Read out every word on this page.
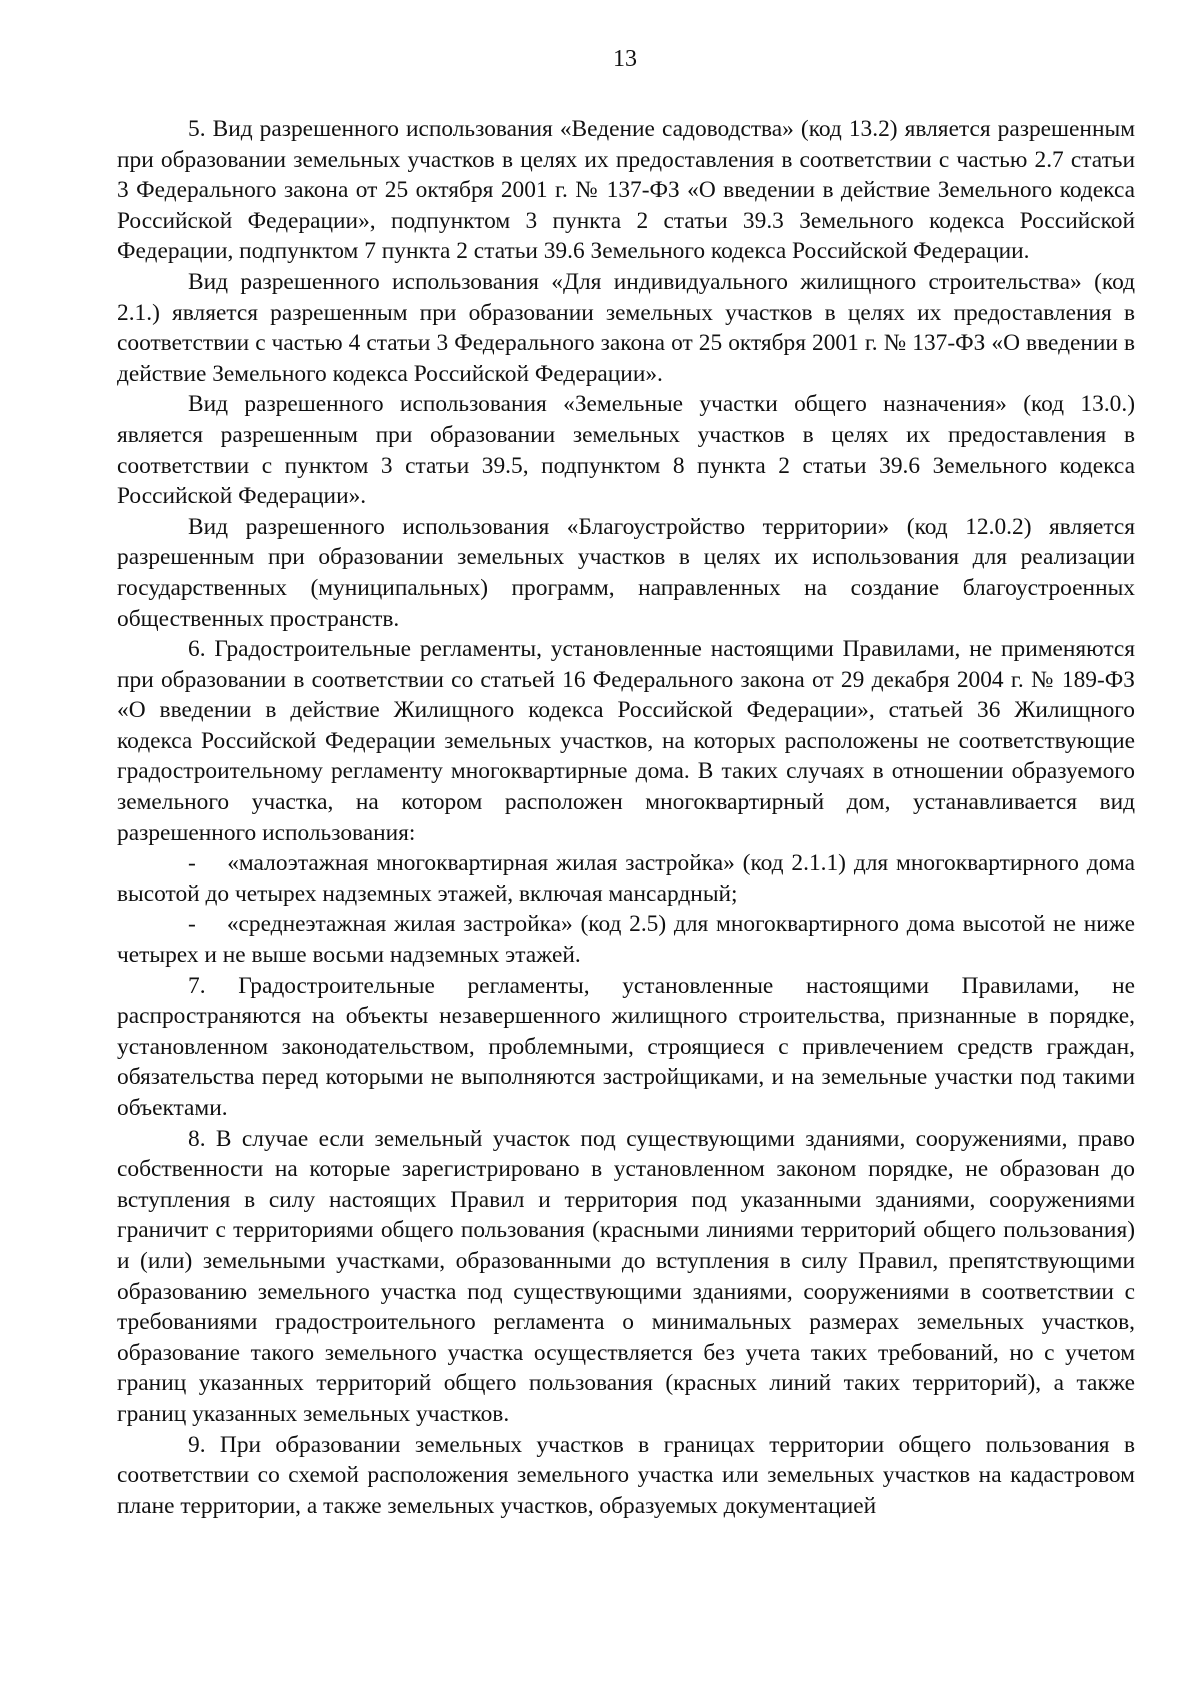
13

5. Вид разрешенного использования «Ведение садоводства» (код 13.2) является разрешенным при образовании земельных участков в целях их предоставления в соответствии с частью 2.7 статьи 3 Федерального закона от 25 октября 2001 г. № 137-ФЗ «О введении в действие Земельного кодекса Российской Федерации», подпунктом 3 пункта 2 статьи 39.3 Земельного кодекса Российской Федерации, подпунктом 7 пункта 2 статьи 39.6 Земельного кодекса Российской Федерации.

Вид разрешенного использования «Для индивидуального жилищного строительства» (код 2.1.) является разрешенным при образовании земельных участков в целях их предоставления в соответствии с частью 4 статьи 3 Федерального закона от 25 октября 2001 г. № 137-ФЗ «О введении в действие Земельного кодекса Российской Федерации».

Вид разрешенного использования «Земельные участки общего назначения» (код 13.0.) является разрешенным при образовании земельных участков в целях их предоставления в соответствии с пунктом 3 статьи 39.5, подпунктом 8 пункта 2 статьи 39.6 Земельного кодекса Российской Федерации».

Вид разрешенного использования «Благоустройство территории» (код 12.0.2) является разрешенным при образовании земельных участков в целях их использования для реализации государственных (муниципальных) программ, направленных на создание благоустроенных общественных пространств.

6. Градостроительные регламенты, установленные настоящими Правилами, не применяются при образовании в соответствии со статьей 16 Федерального закона от 29 декабря 2004 г. № 189-ФЗ «О введении в действие Жилищного кодекса Российской Федерации», статьей 36 Жилищного кодекса Российской Федерации земельных участков, на которых расположены не соответствующие градостроительному регламенту многоквартирные дома. В таких случаях в отношении образуемого земельного участка, на котором расположен многоквартирный дом, устанавливается вид разрешенного использования:

-    «малоэтажная многоквартирная жилая застройка» (код 2.1.1) для многоквартирного дома высотой до четырех надземных этажей, включая мансардный;

-    «среднеэтажная жилая застройка» (код 2.5) для многоквартирного дома высотой не ниже четырех и не выше восьми надземных этажей.

7. Градостроительные регламенты, установленные настоящими Правилами, не распространяются на объекты незавершенного жилищного строительства, признанные в порядке, установленном законодательством, проблемными, строящиеся с привлечением средств граждан, обязательства перед которыми не выполняются застройщиками, и на земельные участки под такими объектами.

8. В случае если земельный участок под существующими зданиями, сооружениями, право собственности на которые зарегистрировано в установленном законом порядке, не образован до вступления в силу настоящих Правил и территория под указанными зданиями, сооружениями граничит с территориями общего пользования (красными линиями территорий общего пользования) и (или) земельными участками, образованными до вступления в силу Правил, препятствующими образованию земельного участка под существующими зданиями, сооружениями в соответствии с требованиями градостроительного регламента о минимальных размерах земельных участков, образование такого земельного участка осуществляется без учета таких требований, но с учетом границ указанных территорий общего пользования (красных линий таких территорий), а также границ указанных земельных участков.

9. При образовании земельных участков в границах территории общего пользования в соответствии со схемой расположения земельного участка или земельных участков на кадастровом плане территории, а также земельных участков, образуемых документацией
